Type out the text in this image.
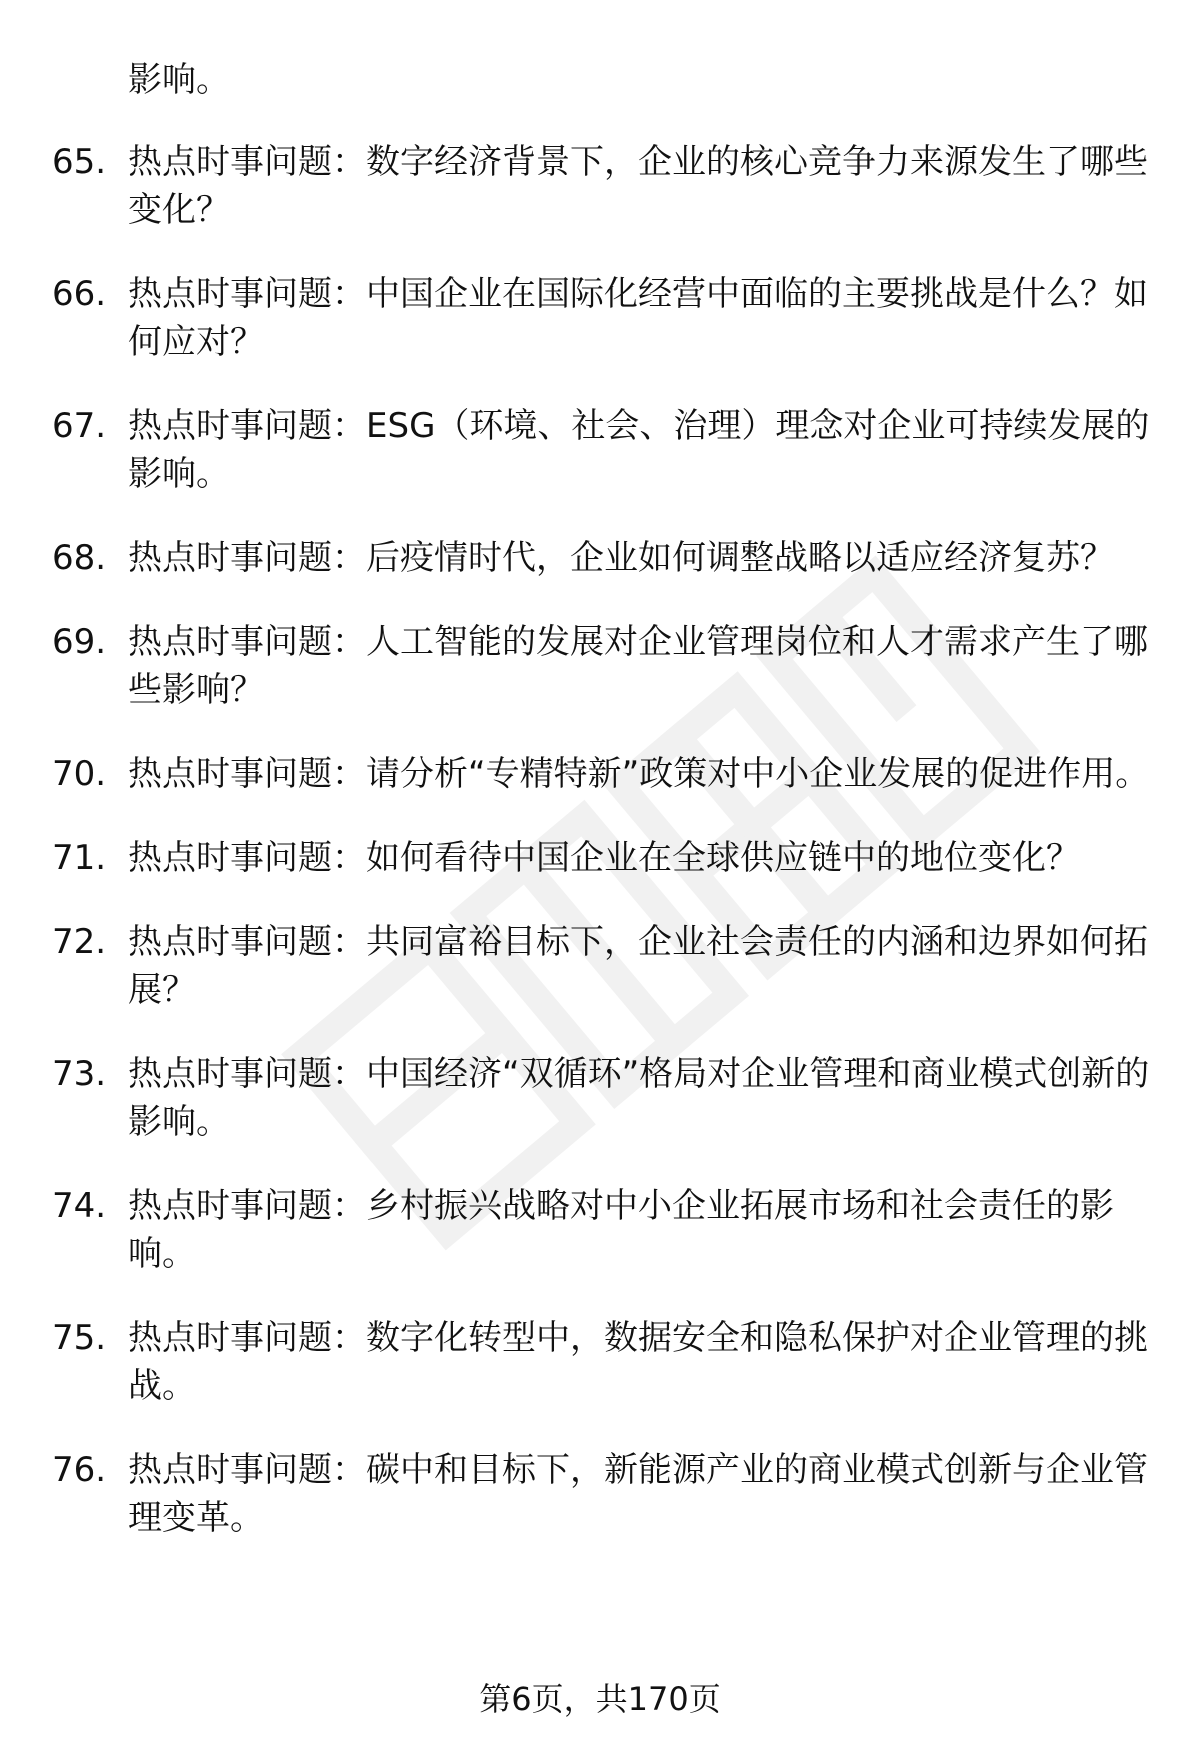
影响。
65. 热点时事问题：数字经济背景下，企业的核心竞争力来源发生了哪些变化？
66. 热点时事问题：中国企业在国际化经营中面临的主要挑战是什么？如何应对？
67. 热点时事问题：ESG（环境、社会、治理）理念对企业可持续发展的影响。
68. 热点时事问题：后疫情时代，企业如何调整战略以适应经济复苏？
69. 热点时事问题：人工智能的发展对企业管理岗位和人才需求产生了哪些影响？
70. 热点时事问题：请分析“专精特新”政策对中小企业发展的促进作用。
71. 热点时事问题：如何看待中国企业在全球供应链中的地位变化？
72. 热点时事问题：共同富裕目标下，企业社会责任的内涵和边界如何拓展？
73. 热点时事问题：中国经济“双循环”格局对企业管理和商业模式创新的影响。
74. 热点时事问题：乡村振兴战略对中小企业拓展市场和社会责任的影响。
75. 热点时事问题：数字化转型中，数据安全和隐私保护对企业管理的挑战。
76. 热点时事问题：碳中和目标下，新能源产业的商业模式创新与企业管理变革。
第6页，共170页
